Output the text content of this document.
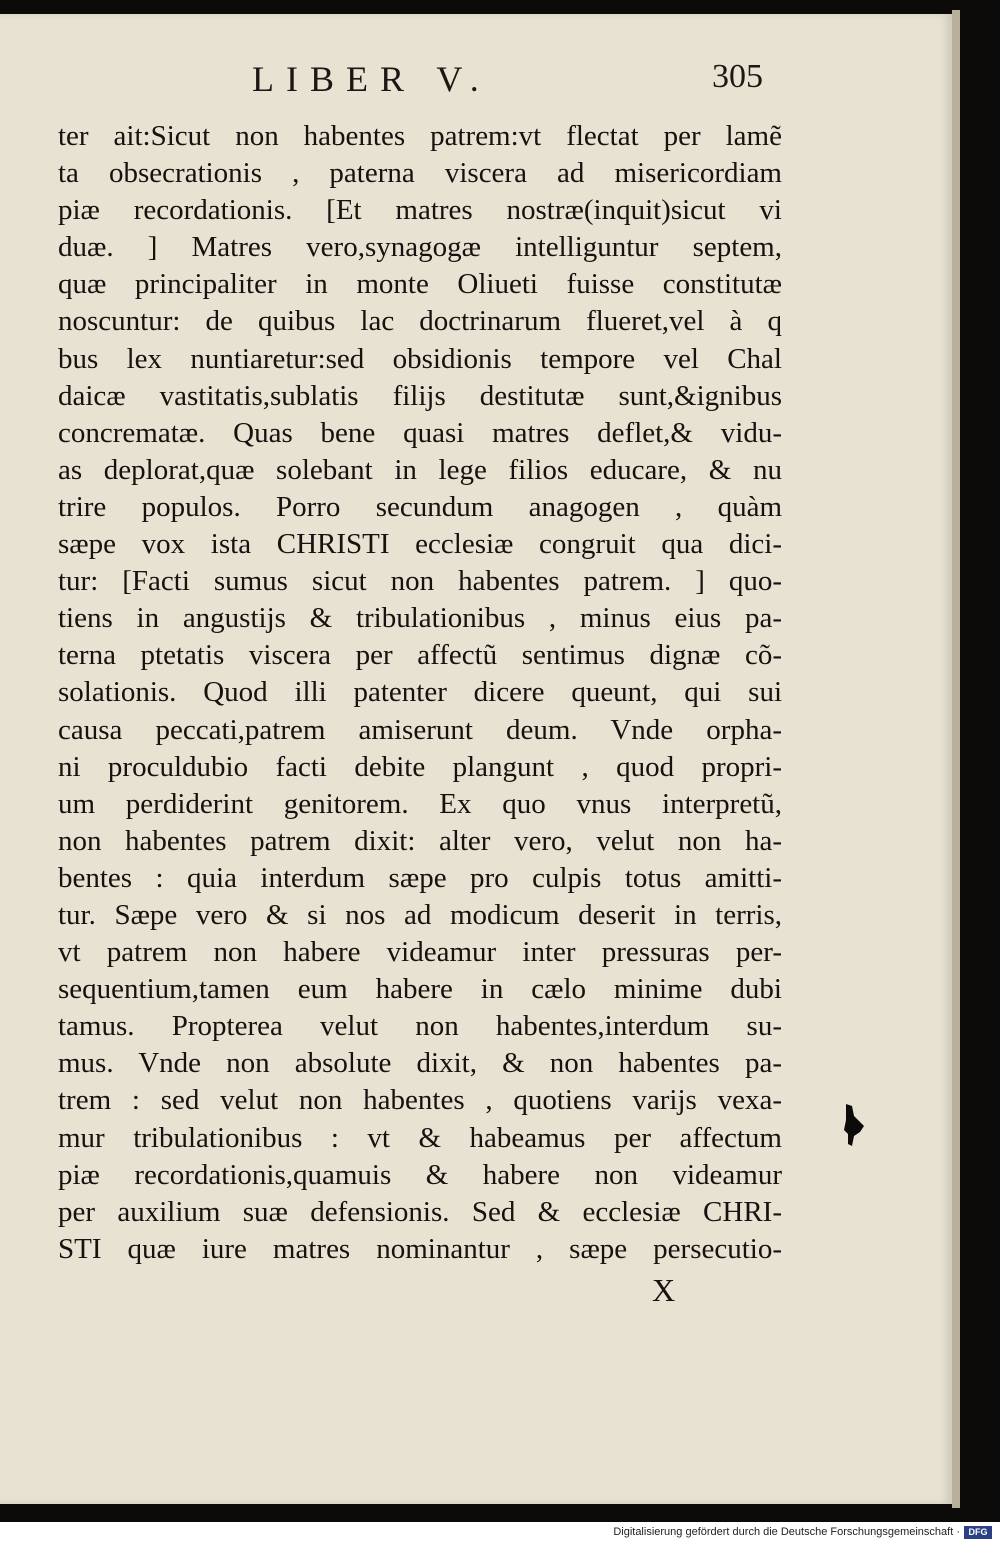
LIBER V.	305
ter ait:Sicut non habentes patrem:vt flectat per lamẽ
ta obsecrationis , paterna viscera ad misericordiam
piæ recordationis. [Et matres nostræ(inquit)sicut vi
duæ. ] Matres vero,synagogæ intelliguntur septem,
quæ principaliter in monte Oliueti fuisse constitutæ
noscuntur: de quibus lac doctrinarum flueret,vel à q
bus lex nuntiaretur:sed obsidionis tempore vel Chal
daicæ vastitatis,sublatis filijs destitutæ sunt,&ignibus
concrematæ. Quas bene quasi matres deflet,& vidu-
as deplorat,quæ solebant in lege filios educare, & nu
trire populos. Porro secundum anagogen , quàm
sæpe vox ista CHRISTI ecclesiæ congruit qua dici-
tur: [Facti sumus sicut non habentes patrem. ] quo-
tiens in angustijs & tribulationibus , minus eius pa-
terna ptetatis viscera per affectũ sentimus dignæ cõ-
solationis. Quod illi patenter dicere queunt, qui sui
causa peccati,patrem amiserunt deum. Vnde orpha-
ni proculdubio facti debite plangunt , quod propri-
um perdiderint genitorem. Ex quo vnus interpretũ,
non habentes patrem dixit: alter vero, velut non ha-
bentes : quia interdum sæpe pro culpis totus amitti-
tur. Sæpe vero & si nos ad modicum deserit in terris,
vt patrem non habere videamur inter pressuras per-
sequentium,tamen eum habere in cælo minime dubi
tamus. Propterea velut non habentes,interdum su-
mus. Vnde non absolute dixit, & non habentes pa-
trem : sed velut non habentes , quotiens varijs vexa-
mur tribulationibus : vt & habeamus per affectum
piæ recordationis,quamuis & habere non videamur
per auxilium suæ defensionis. Sed & ecclesiæ CHRI-
STI quæ iure matres nominantur , sæpe persecutio-
X
Digitalisierung gefördert durch die Deutsche Forschungsgemeinschaft · DFG
